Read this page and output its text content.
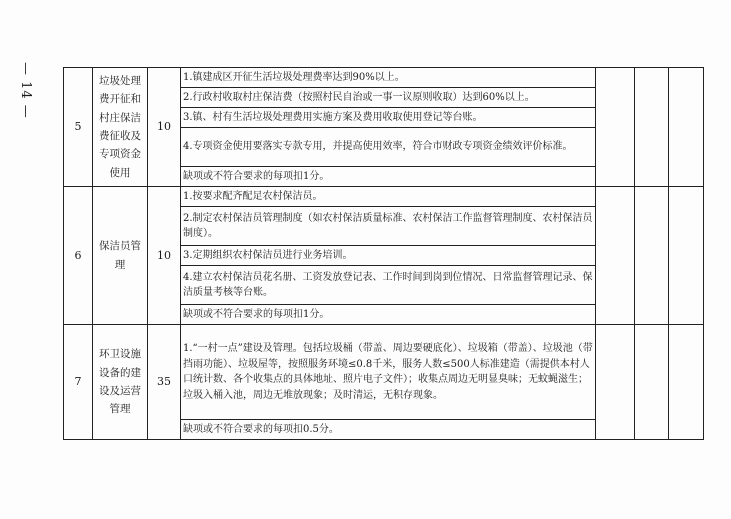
— 14 —
5	垃圾处理费开征和村庄保洁费征收及专项资金使用	10	1.镇建成区开征生活垃圾处理费率达到90%以上。			
			2.行政村收取村庄保洁费（按照村民自治或一事一议原则收取）达到60%以上。			
			3.镇、村有生活垃圾处理费用实施方案及费用收取使用登记等台账。			
			4.专项资金使用要落实专款专用，并提高使用效率，符合市财政专项资金绩效评价标准。			
			缺项或不符合要求的每项扣1分。			
6	保洁员管理	10	1.按要求配齐配足农村保洁员。			
			2.制定农村保洁员管理制度（如农村保洁质量标准、农村保洁工作监督管理制度、农村保洁员制度）。			
			3.定期组织农村保洁员进行业务培训。			
			4.建立农村保洁员花名册、工资发放登记表、工作时间到岗到位情况、日常监督管理记录、保洁质量考核等台账。			
			缺项或不符合要求的每项扣1分。			
7	环卫设施设备的建设及运营管理	35	1.“一村一点”建设及管理。包括垃圾桶（带盖、周边要硬底化）、垃圾箱（带盖）、垃圾池（带挡雨功能）、垃圾屋等，按照服务环境≤0.8千米，服务人数≤500人标准建造（需提供本村人口统计数、各个收集点的具体地址、照片电子文件）；收集点周边无明显臭味；无蚊蝇滋生；垃圾入桶入池，周边无堆放现象；及时清运，无积存现象。			
			缺项或不符合要求的每项扣0.5分。			
